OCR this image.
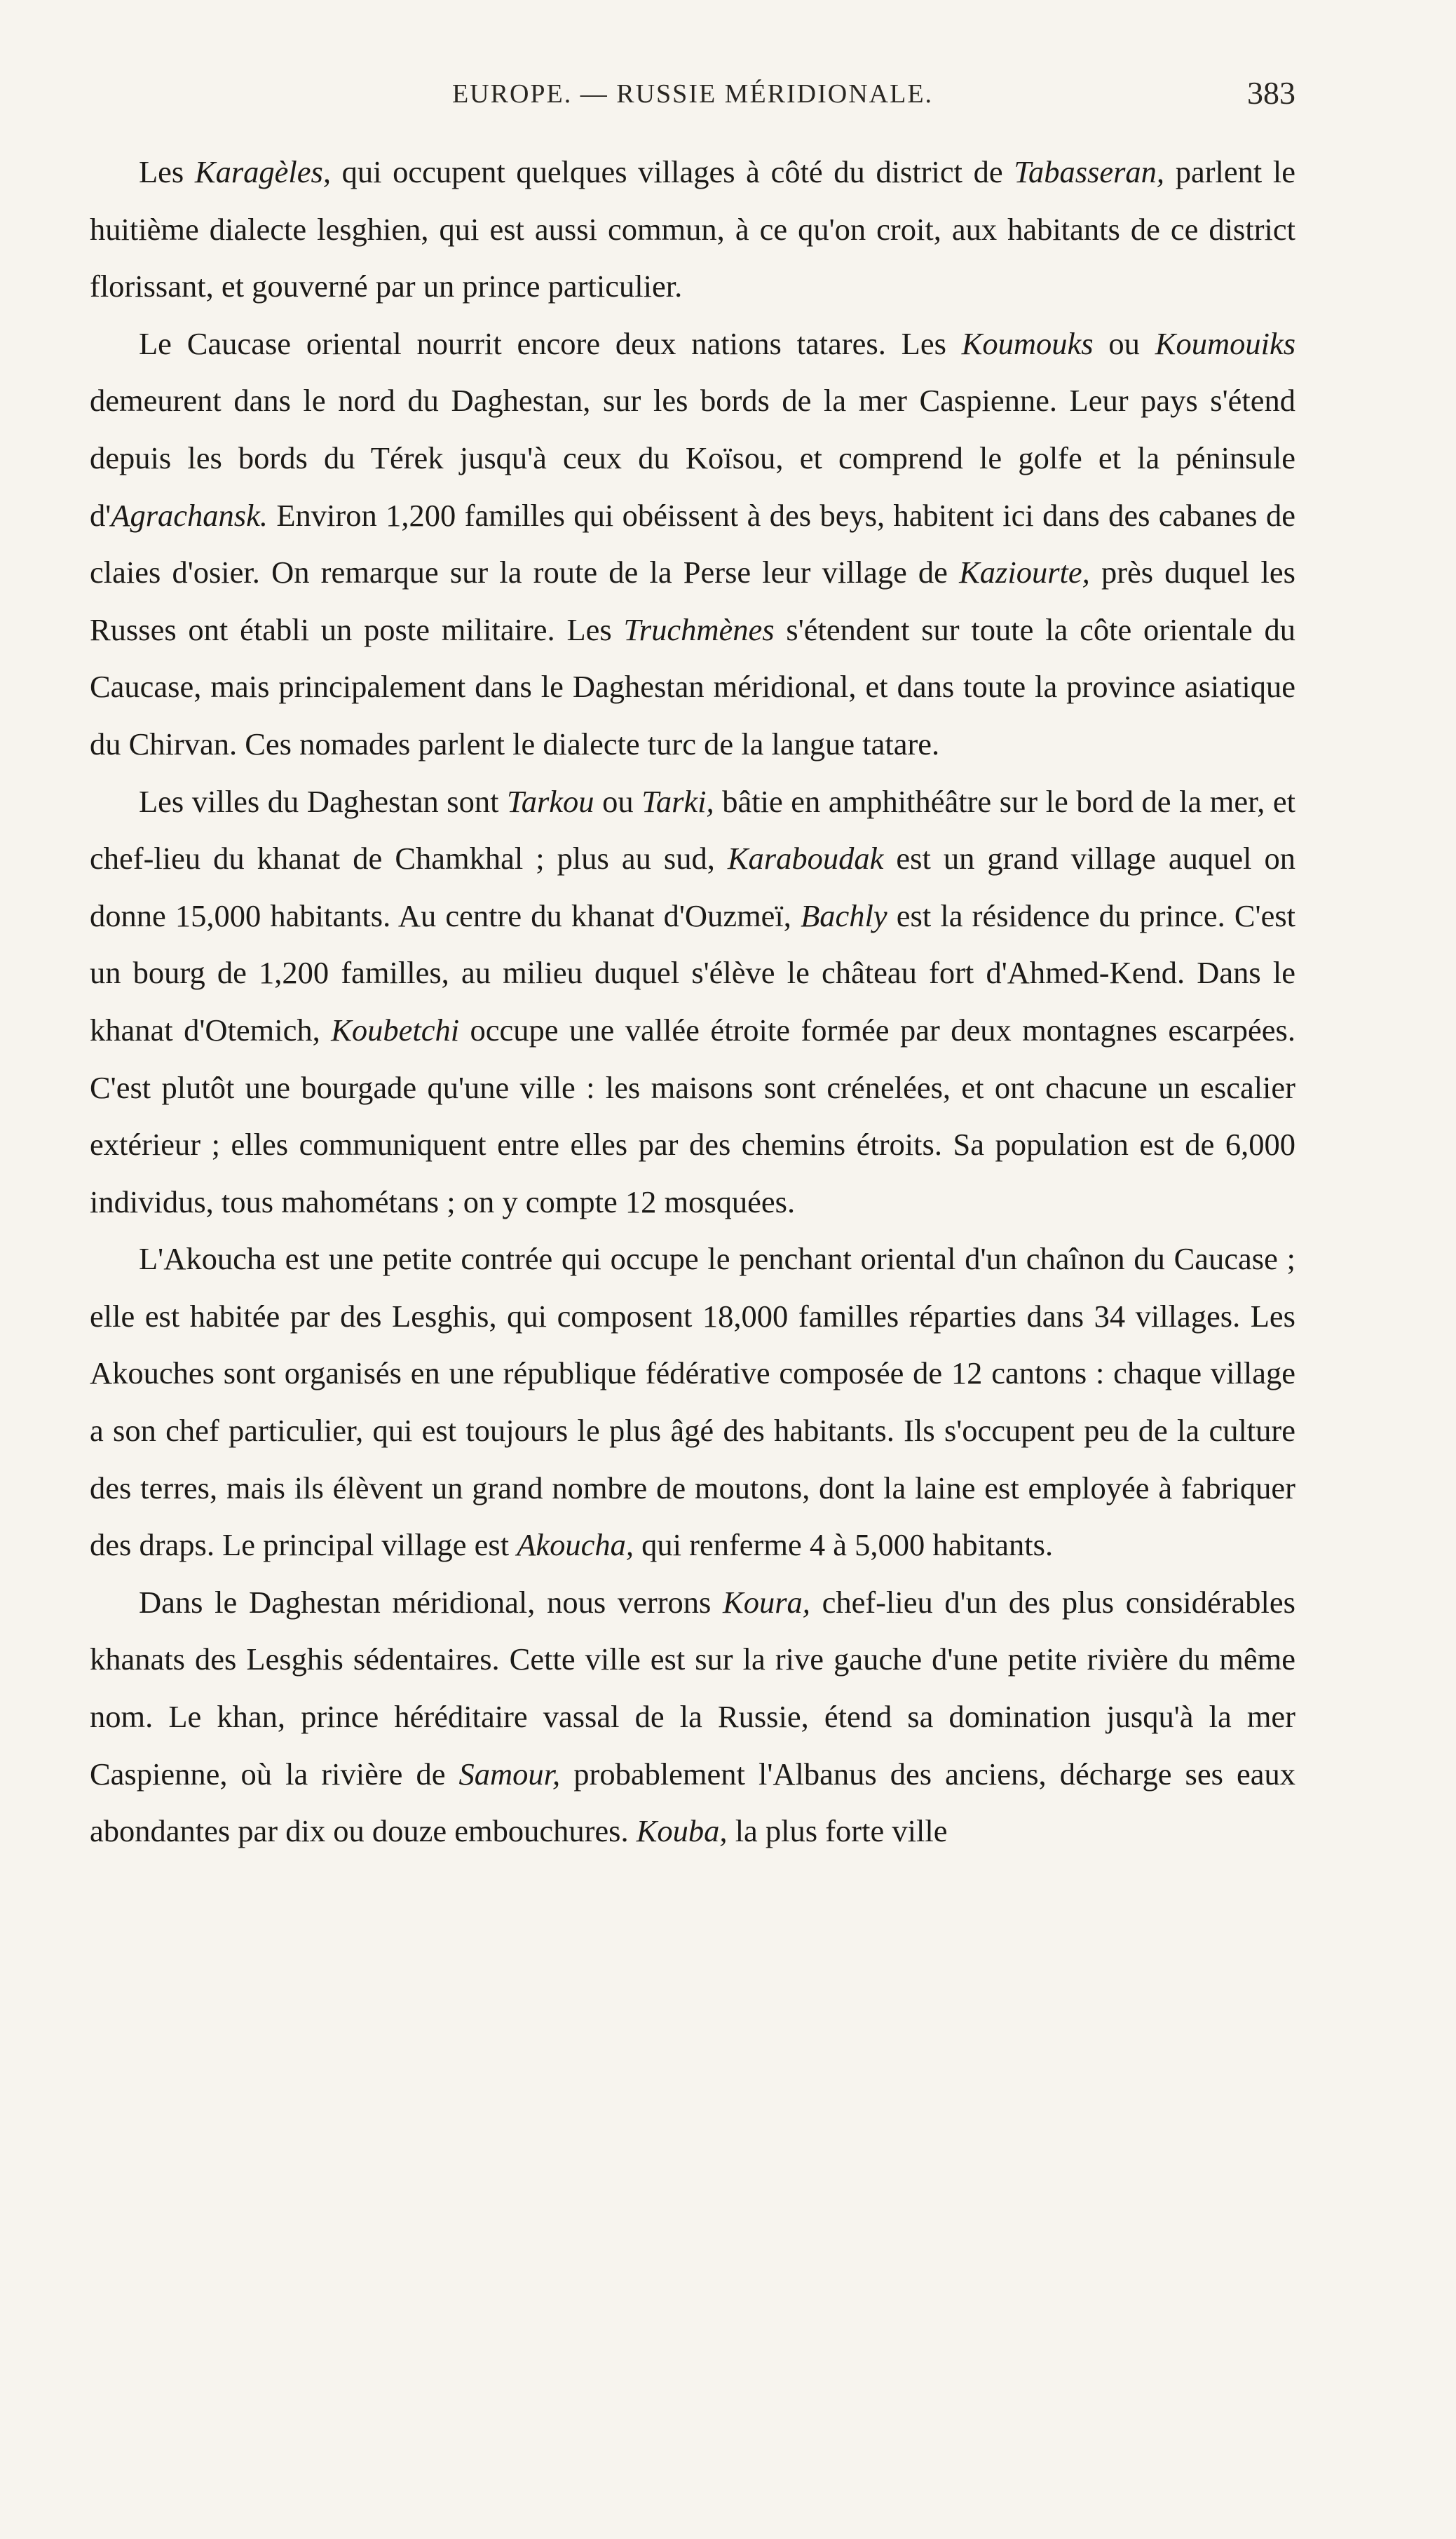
EUROPE. — RUSSIE MÉRIDIONALE.	383

Les Karagèles, qui occupent quelques villages à côté du district de Tabasseran, parlent le huitième dialecte lesghien, qui est aussi commun, à ce qu'on croit, aux habitants de ce district florissant, et gouverné par un prince particulier.

Le Caucase oriental nourrit encore deux nations tatares. Les Koumouks ou Koumouiks demeurent dans le nord du Daghestan, sur les bords de la mer Caspienne. Leur pays s'étend depuis les bords du Térek jusqu'à ceux du Koïsou, et comprend le golfe et la péninsule d'Agrachansk. Environ 1,200 familles qui obéissent à des beys, habitent ici dans des cabanes de claies d'osier. On remarque sur la route de la Perse leur village de Kaziourte, près duquel les Russes ont établi un poste militaire. Les Truchmènes s'étendent sur toute la côte orientale du Caucase, mais principalement dans le Daghestan méridional, et dans toute la province asiatique du Chirvan. Ces nomades parlent le dialecte turc de la langue tatare.

Les villes du Daghestan sont Tarkou ou Tarki, bâtie en amphithéâtre sur le bord de la mer, et chef-lieu du khanat de Chamkhal ; plus au sud, Karaboudak est un grand village auquel on donne 15,000 habitants. Au centre du khanat d'Ouzmeï, Bachly est la résidence du prince. C'est un bourg de 1,200 familles, au milieu duquel s'élève le château fort d'Ahmed-Kend. Dans le khanat d'Otemich, Koubetchi occupe une vallée étroite formée par deux montagnes escarpées. C'est plutôt une bourgade qu'une ville : les maisons sont crénelées, et ont chacune un escalier extérieur ; elles communiquent entre elles par des chemins étroits. Sa population est de 6,000 individus, tous mahométans ; on y compte 12 mosquées.

L'Akoucha est une petite contrée qui occupe le penchant oriental d'un chaînon du Caucase ; elle est habitée par des Lesghis, qui composent 18,000 familles réparties dans 34 villages. Les Akouches sont organisés en une république fédérative composée de 12 cantons : chaque village a son chef particulier, qui est toujours le plus âgé des habitants. Ils s'occupent peu de la culture des terres, mais ils élèvent un grand nombre de moutons, dont la laine est employée à fabriquer des draps. Le principal village est Akoucha, qui renferme 4 à 5,000 habitants.

Dans le Daghestan méridional, nous verrons Koura, chef-lieu d'un des plus considérables khanats des Lesghis sédentaires. Cette ville est sur la rive gauche d'une petite rivière du même nom. Le khan, prince héréditaire vassal de la Russie, étend sa domination jusqu'à la mer Caspienne, où la rivière de Samour, probablement l'Albanus des anciens, décharge ses eaux abondantes par dix ou douze embouchures. Kouba, la plus forte ville
